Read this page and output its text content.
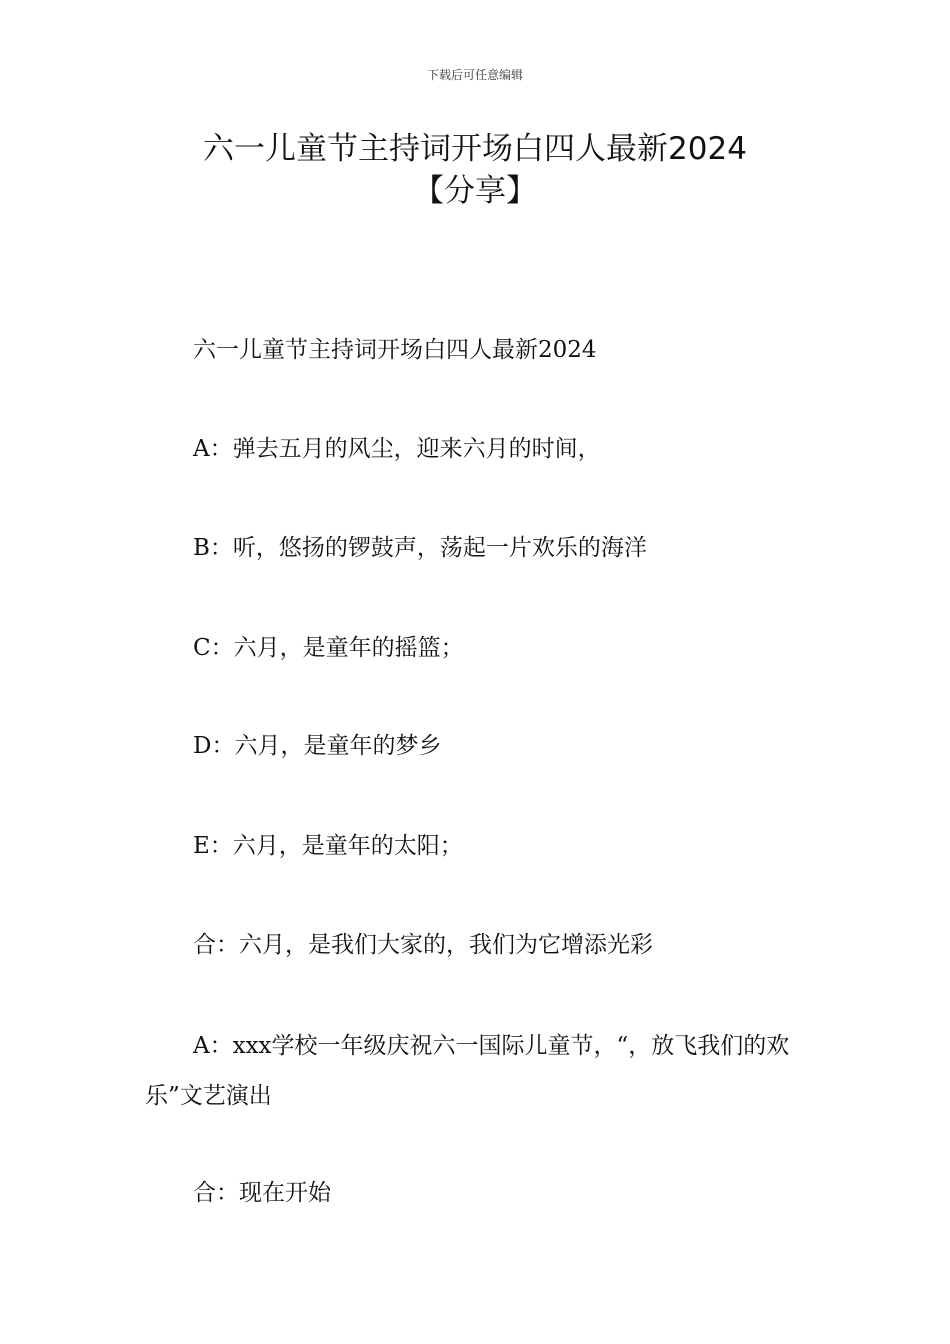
下载后可任意编辑
六一儿童节主持词开场白四人最新2024
【分享】

六一儿童节主持词开场白四人最新2024

A：弹去五月的风尘，迎来六月的时间，

B：听，悠扬的锣鼓声，荡起一片欢乐的海洋

C：六月，是童年的摇篮；

D：六月，是童年的梦乡

E：六月，是童年的太阳；

合：六月，是我们大家的，我们为它增添光彩

A：xxx学校一年级庆祝六一国际儿童节，“，放飞我们的欢乐”文艺演出

合：现在开始
